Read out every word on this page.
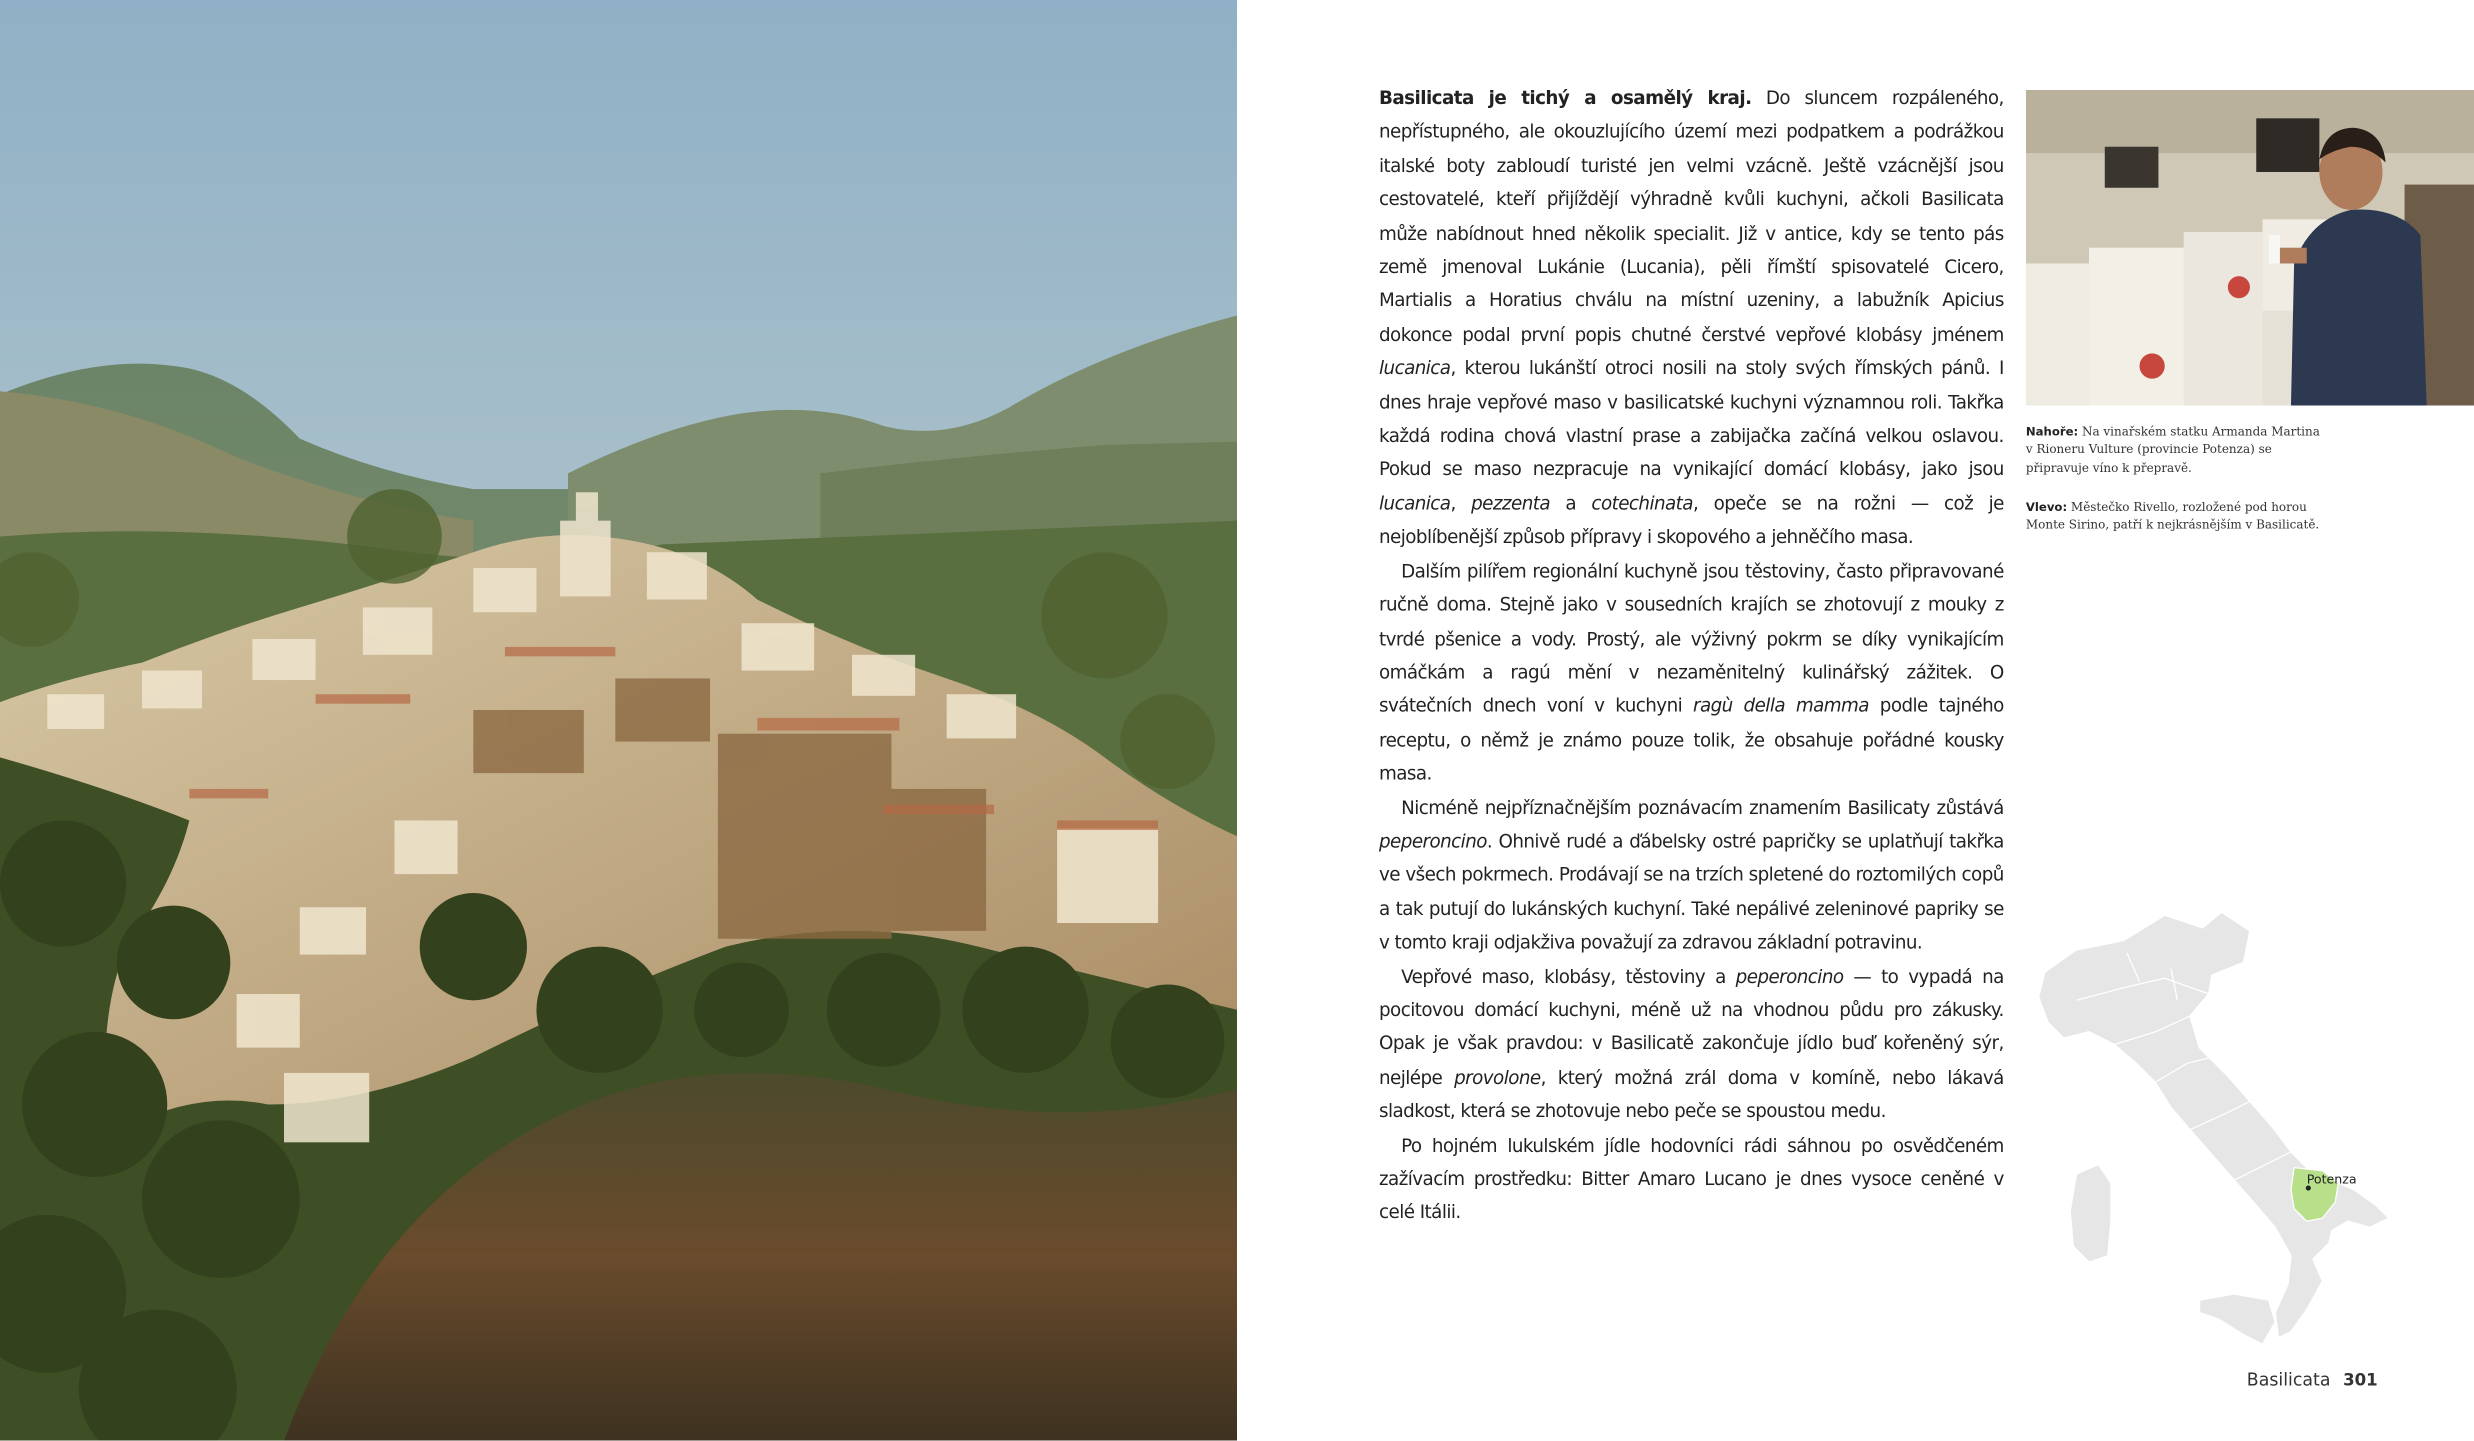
Basilicata je tichý a osamělý kraj. Do sluncem rozpáleného, nepřístupného, ale okouzlujícího území mezi podpatkem a podrážkou italské boty zabloudí turisté jen velmi vzácně. Ještě vzácnější jsou cestovatelé, kteří přijíždějí výhradně kvůli kuchyni, ačkoli Basilicata může nabídnout hned několik specialit. Již v antice, kdy se tento pás země jmenoval Lukánie (Lucania), pěli římští spisovatelé Cicero, Martialis a Horatius chválu na místní uzeniny, a labužník Apicius dokonce podal první popis chutné čerstvé vepřové klobásy jménem lucanica, kterou lukánští otroci nosili na stoly svých římských pánů. I dnes hraje vepřové maso v basilicatské kuchyni významnou roli. Takřka každá rodina chová vlastní prase a zabijačka začíná velkou oslavou. Pokud se maso nezpracuje na vynikající domácí klobásy, jako jsou lucanica, pezzenta a cotechinata, opeče se na rožni — což je nejoblíbenější způsob přípravy i skopového a jehněčího masa.

Dalším pilířem regionální kuchyně jsou těstoviny, často připravované ručně doma. Stejně jako v sousedních krajích se zhotovují z mouky z tvrdé pšenice a vody. Prostý, ale výživný pokrm se díky vynikajícím omáčkám a ragú mění v nezaměnitelný kulinářský zážitek. O svátečních dnech voní v kuchyni ragù della mamma podle tajného receptu, o němž je známo pouze tolik, že obsahuje pořádné kousky masa.

Nicméně nejpříznačnějším poznávacím znamením Basilicaty zůstává peperoncino. Ohnivě rudé a ďábelsky ostré papričky se uplatňují takřka ve všech pokrmech. Prodávají se na trzích spletené do roztomilých copů a tak putují do lukánských kuchyní. Také nepálivé zeleninové papriky se v tomto kraji odjakživa považují za zdravou základní potravinu.

Vepřové maso, klobásy, těstoviny a peperoncino — to vypadá na pocitovou domácí kuchyni, méně už na vhodnou půdu pro zákusky. Opak je však pravdou: v Basilicatě zakončuje jídlo buď kořeněný sýr, nejlépe provolone, který možná zrál doma v komíně, nebo lákavá sladkost, která se zhotovuje nebo peče se spoustou medu.

Po hojném lukulském jídle hodovníci rádi sáhnou po osvědčeném zažívacím prostředku: Bitter Amaro Lucano je dnes vysoce ceněné v celé Itálii.

Nahoře: Na vinařském statku Armanda Martina v Rioneru Vulture (provincie Potenza) se připravuje víno k přepravě.
Vlevo: Městečko Rivello, rozložené pod horou Monte Sirino, patří k nejkrásnějším v Basilicatě.
Potenza
Basilicata 301
